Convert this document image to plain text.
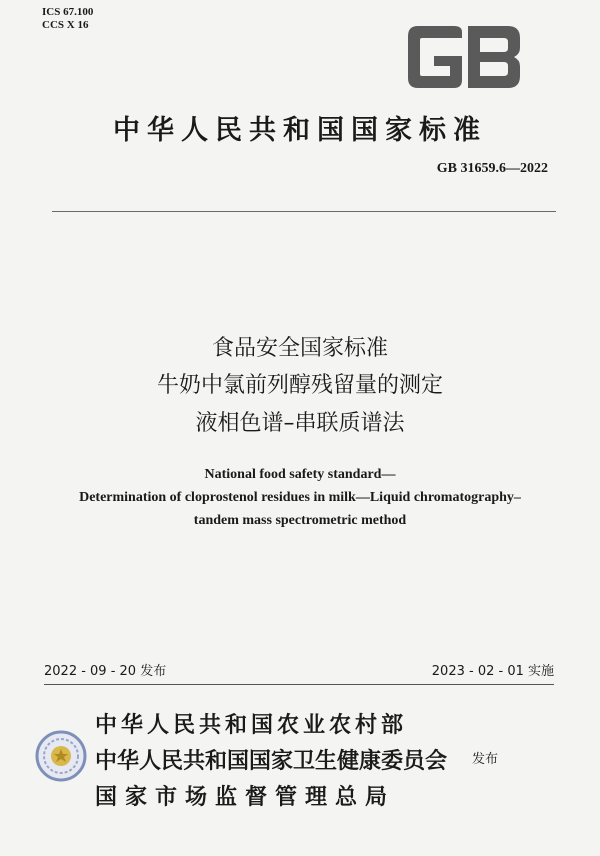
ICS 67.100
CCS X 16
中华人民共和国国家标准
GB 31659.6—2022
食品安全国家标准
牛奶中氯前列醇残留量的测定
液相色谱–串联质谱法
National food safety standard—
Determination of cloprostenol residues in milk—Liquid chromatography–
tandem mass spectrometric method
2022 - 09 - 20 发布	2023 - 02 - 01 实施
中华人民共和国农业农村部
中华人民共和国国家卫生健康委员会
国家市场监督管理总局
发布
